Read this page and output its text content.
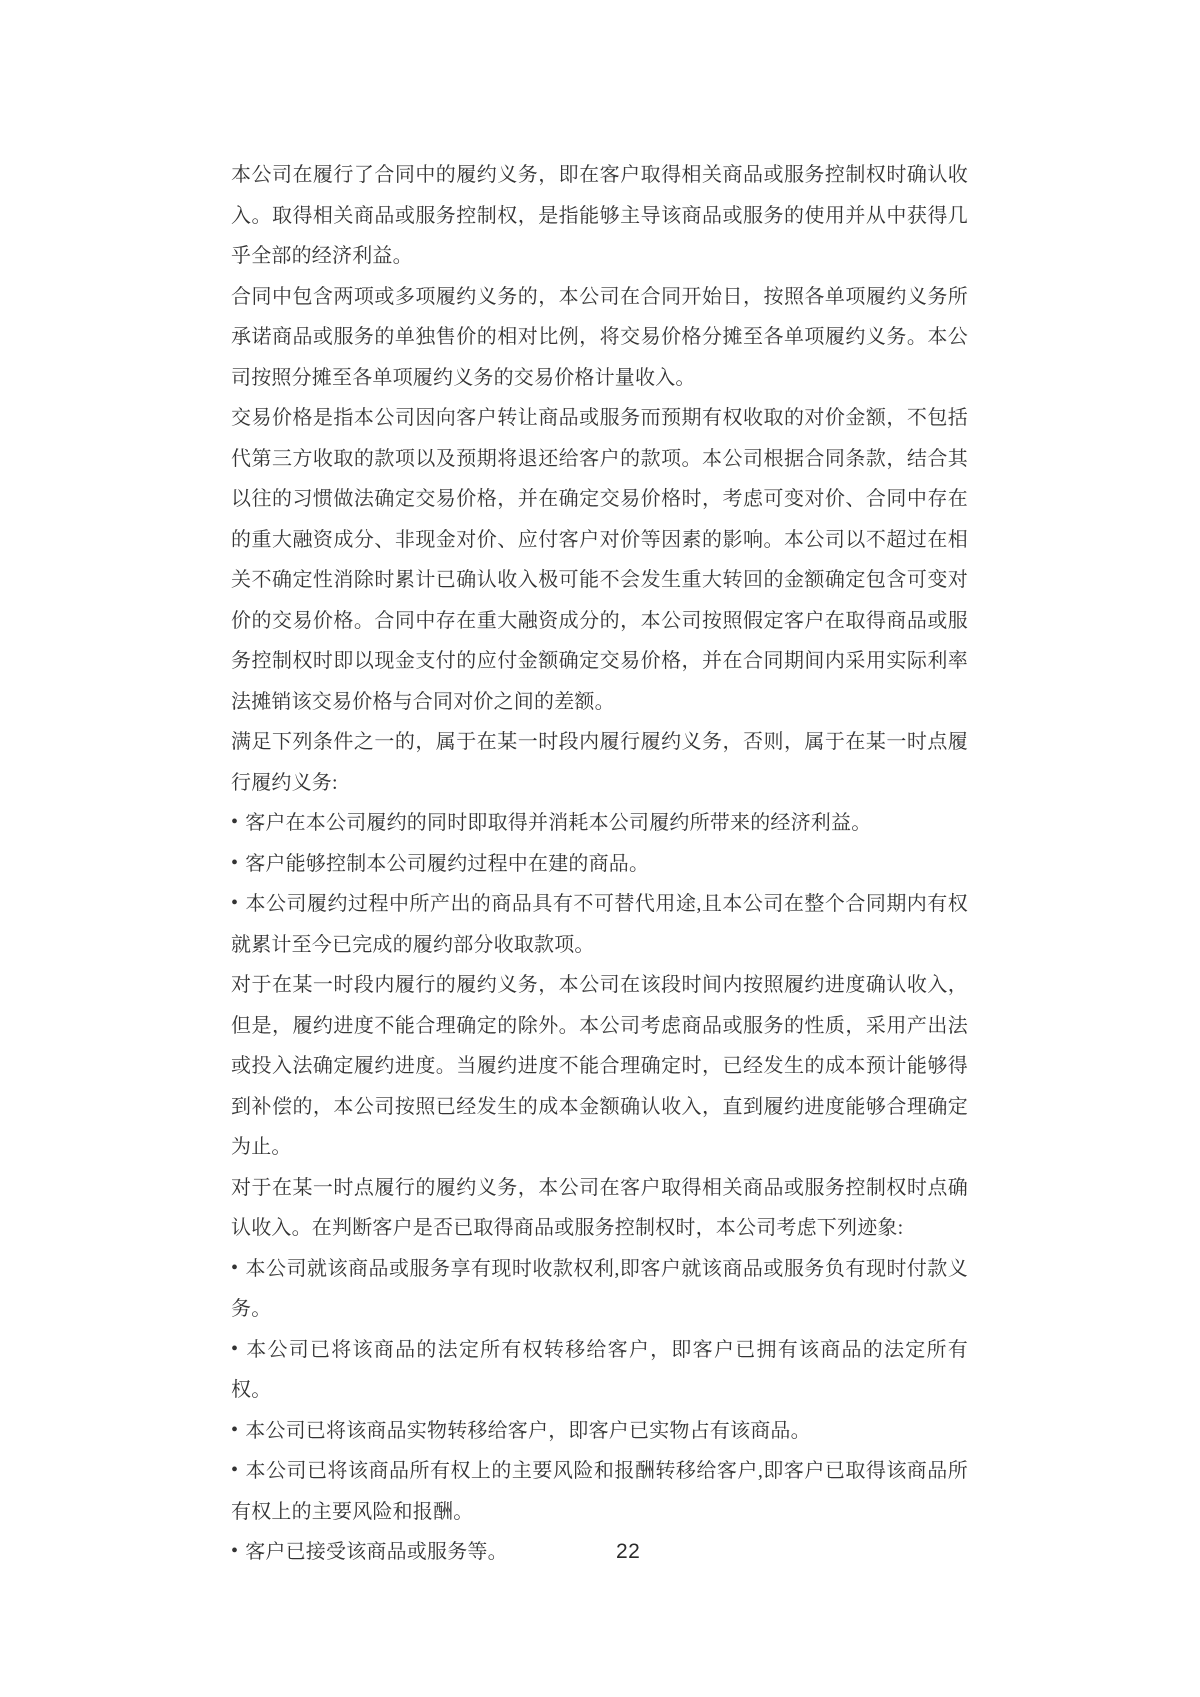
本公司在履行了合同中的履约义务，即在客户取得相关商品或服务控制权时确认收入。取得相关商品或服务控制权，是指能够主导该商品或服务的使用并从中获得几乎全部的经济利益。

合同中包含两项或多项履约义务的，本公司在合同开始日，按照各单项履约义务所承诺商品或服务的单独售价的相对比例，将交易价格分摊至各单项履约义务。本公司按照分摊至各单项履约义务的交易价格计量收入。

交易价格是指本公司因向客户转让商品或服务而预期有权收取的对价金额，不包括代第三方收取的款项以及预期将退还给客户的款项。本公司根据合同条款，结合其以往的习惯做法确定交易价格，并在确定交易价格时，考虑可变对价、合同中存在的重大融资成分、非现金对价、应付客户对价等因素的影响。本公司以不超过在相关不确定性消除时累计已确认收入极可能不会发生重大转回的金额确定包含可变对价的交易价格。合同中存在重大融资成分的，本公司按照假定客户在取得商品或服务控制权时即以现金支付的应付金额确定交易价格，并在合同期间内采用实际利率法摊销该交易价格与合同对价之间的差额。

满足下列条件之一的，属于在某一时段内履行履约义务，否则，属于在某一时点履行履约义务:

• 客户在本公司履约的同时即取得并消耗本公司履约所带来的经济利益。

• 客户能够控制本公司履约过程中在建的商品。

• 本公司履约过程中所产出的商品具有不可替代用途,且本公司在整个合同期内有权就累计至今已完成的履约部分收取款项。

对于在某一时段内履行的履约义务，本公司在该段时间内按照履约进度确认收入，但是，履约进度不能合理确定的除外。本公司考虑商品或服务的性质，采用产出法或投入法确定履约进度。当履约进度不能合理确定时，已经发生的成本预计能够得到补偿的，本公司按照已经发生的成本金额确认收入，直到履约进度能够合理确定为止。

对于在某一时点履行的履约义务，本公司在客户取得相关商品或服务控制权时点确认收入。在判断客户是否已取得商品或服务控制权时，本公司考虑下列迹象:

• 本公司就该商品或服务享有现时收款权利,即客户就该商品或服务负有现时付款义务。

• 本公司已将该商品的法定所有权转移给客户，即客户已拥有该商品的法定所有权。

• 本公司已将该商品实物转移给客户，即客户已实物占有该商品。

• 本公司已将该商品所有权上的主要风险和报酬转移给客户,即客户已取得该商品所有权上的主要风险和报酬。

• 客户已接受该商品或服务等。	22
